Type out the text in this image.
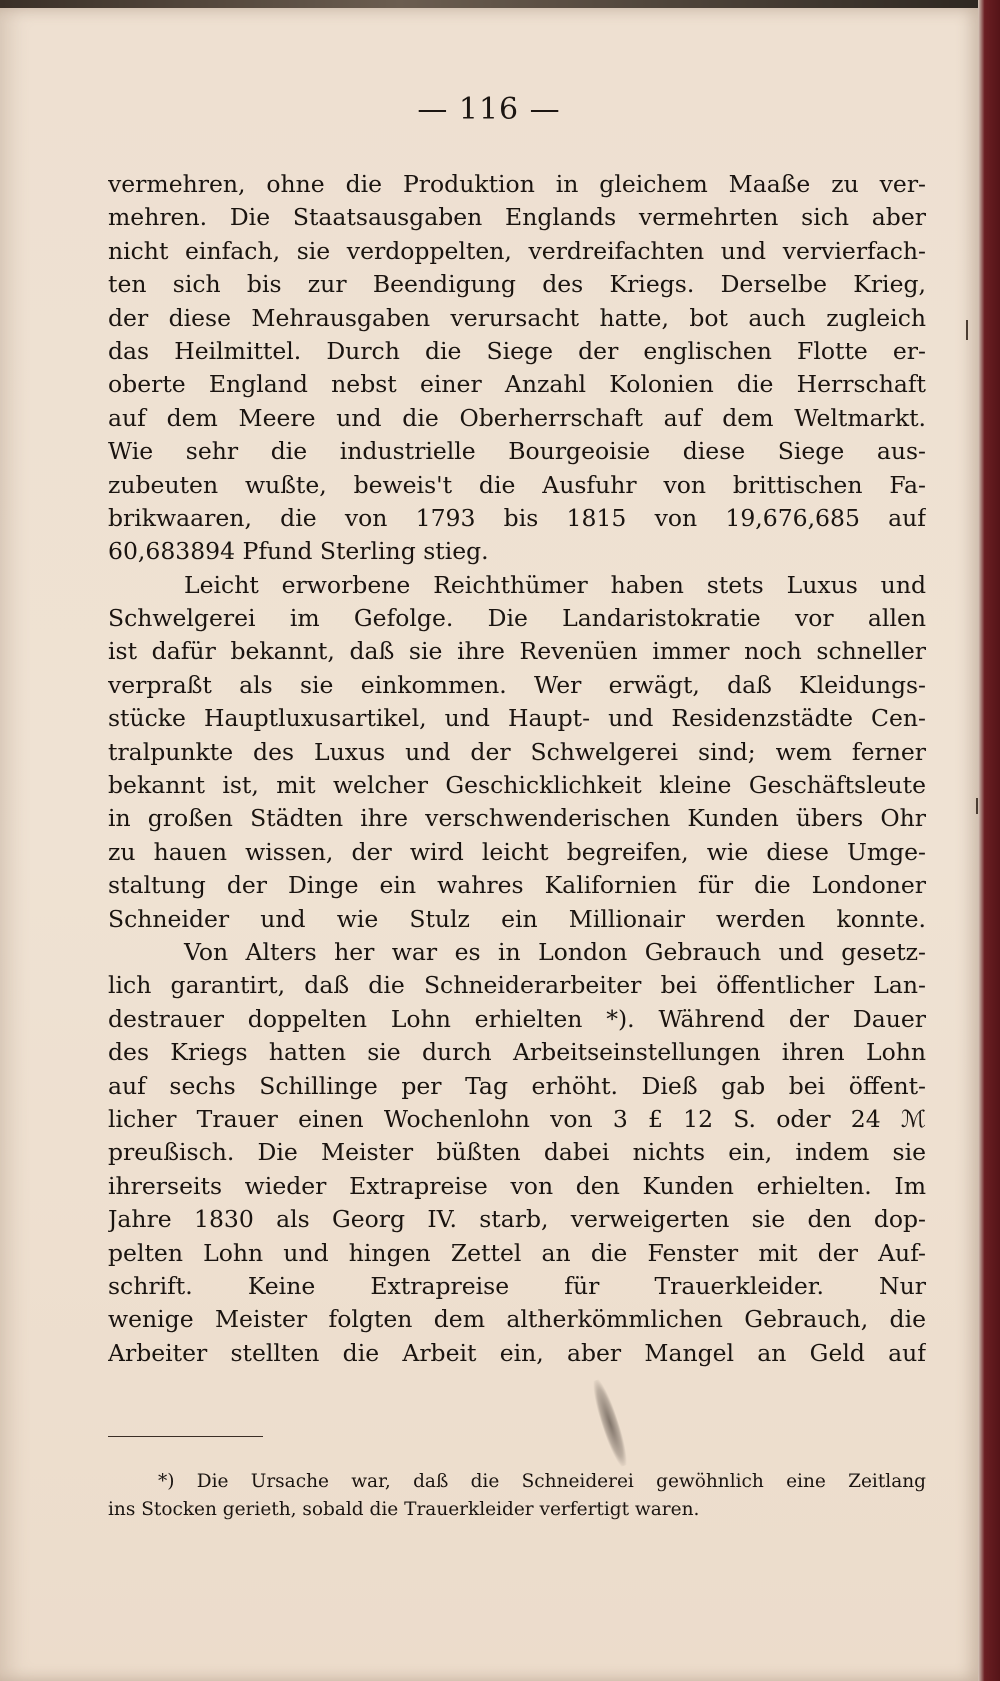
— 116 —
vermehren, ohne die Produktion in gleichem Maaße zu ver-
mehren. Die Staatsausgaben Englands vermehrten sich aber
nicht einfach, sie verdoppelten, verdreifachten und vervierfach-
ten sich bis zur Beendigung des Kriegs. Derselbe Krieg,
der diese Mehrausgaben verursacht hatte, bot auch zugleich
das Heilmittel. Durch die Siege der englischen Flotte er-
oberte England nebst einer Anzahl Kolonien die Herrschaft
auf dem Meere und die Oberherrschaft auf dem Weltmarkt.
Wie sehr die industrielle Bourgeoisie diese Siege aus-
zubeuten wußte, beweis't die Ausfuhr von brittischen Fa-
brikwaaren, die von 1793 bis 1815 von 19,676,685 auf
60,683894 Pfund Sterling stieg.
Leicht erworbene Reichthümer haben stets Luxus und
Schwelgerei im Gefolge. Die Landaristokratie vor allen
ist dafür bekannt, daß sie ihre Revenüen immer noch schneller
verpraßt als sie einkommen. Wer erwägt, daß Kleidungs-
stücke Hauptluxusartikel, und Haupt- und Residenzstädte Cen-
tralpunkte des Luxus und der Schwelgerei sind; wem ferner
bekannt ist, mit welcher Geschicklichkeit kleine Geschäftsleute
in großen Städten ihre verschwenderischen Kunden übers Ohr
zu hauen wissen, der wird leicht begreifen, wie diese Umge-
staltung der Dinge ein wahres Kalifornien für die Londoner
Schneider und wie Stulz ein Millionair werden konnte.
Von Alters her war es in London Gebrauch und gesetz-
lich garantirt, daß die Schneiderarbeiter bei öffentlicher Lan-
destrauer doppelten Lohn erhielten *). Während der Dauer
des Kriegs hatten sie durch Arbeitseinstellungen ihren Lohn
auf sechs Schillinge per Tag erhöht. Dieß gab bei öffent-
licher Trauer einen Wochenlohn von 3 £ 12 S. oder 24 ℳ
preußisch. Die Meister büßten dabei nichts ein, indem sie
ihrerseits wieder Extrapreise von den Kunden erhielten. Im
Jahre 1830 als Georg IV. starb, verweigerten sie den dop-
pelten Lohn und hingen Zettel an die Fenster mit der Auf-
schrift. Keine Extrapreise für Trauerkleider. Nur
wenige Meister folgten dem altherkömmlichen Gebrauch, die
Arbeiter stellten die Arbeit ein, aber Mangel an Geld auf
*) Die Ursache war, daß die Schneiderei gewöhnlich eine Zeitlang
ins Stocken gerieth, sobald die Trauerkleider verfertigt waren.
